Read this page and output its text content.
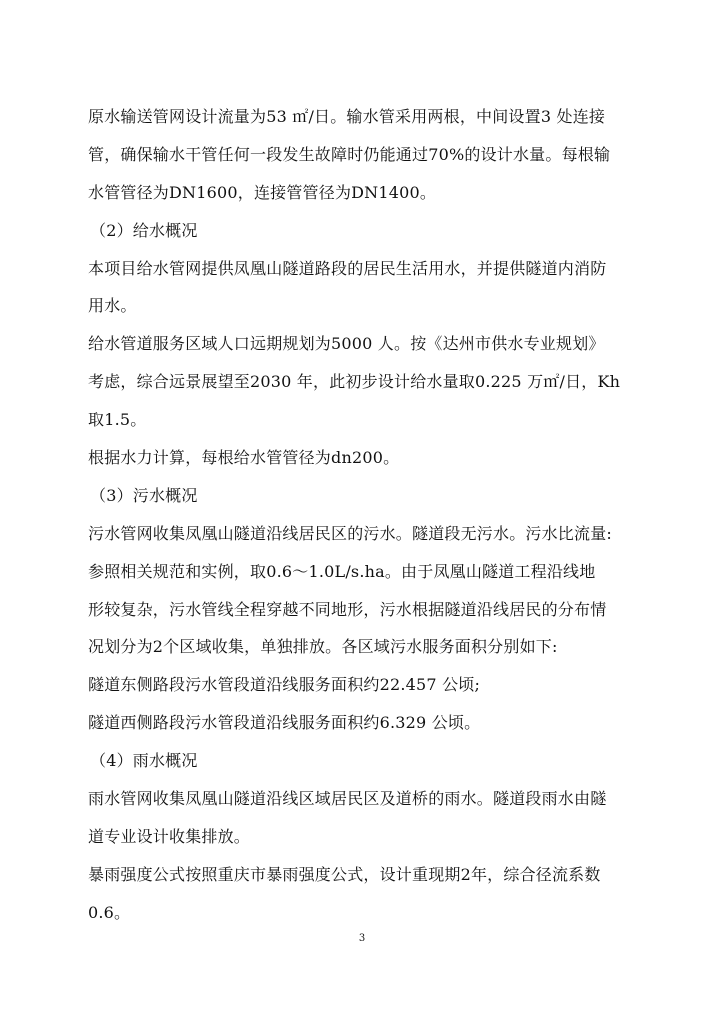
原水输送管网设计流量为53 ㎡/日。输水管采用两根，中间设置3 处连接
管，确保输水干管任何一段发生故障时仍能通过70%的设计水量。每根输
水管管径为DN1600，连接管管径为DN1400。
（2）给水概况
本项目给水管网提供凤凰山隧道路段的居民生活用水，并提供隧道内消防
用水。
给水管道服务区域人口远期规划为5000 人。按《达州市供水专业规划》
考虑，综合远景展望至2030 年，此初步设计给水量取0.225 万㎡/日，Kh
取1.5。
根据水力计算，每根给水管管径为dn200。
（3）污水概况
污水管网收集凤凰山隧道沿线居民区的污水。隧道段无污水。污水比流量:
参照相关规范和实例，取0.6～1.0L/s.ha。由于凤凰山隧道工程沿线地
形较复杂，污水管线全程穿越不同地形，污水根据隧道沿线居民的分布情
况划分为2个区域收集，单独排放。各区域污水服务面积分别如下:
隧道东侧路段污水管段道沿线服务面积约22.457 公顷;
隧道西侧路段污水管段道沿线服务面积约6.329 公顷。
（4）雨水概况
雨水管网收集凤凰山隧道沿线区域居民区及道桥的雨水。隧道段雨水由隧
道专业设计收集排放。
暴雨强度公式按照重庆市暴雨强度公式，设计重现期2年，综合径流系数
0.6。
3
